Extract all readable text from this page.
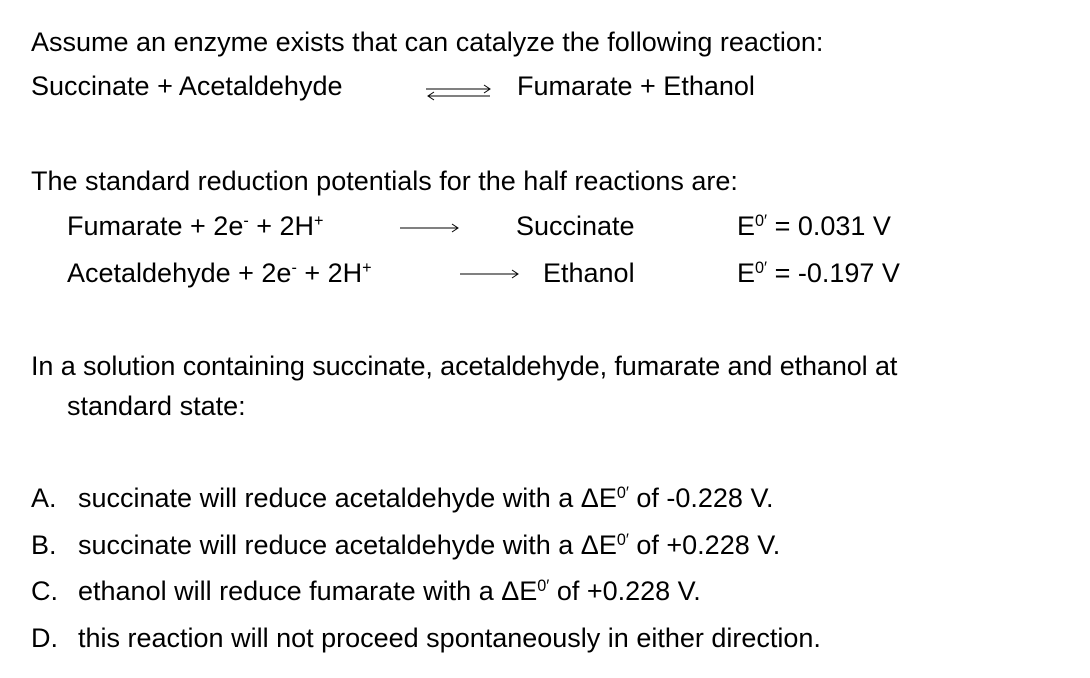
Assume an enzyme exists that can catalyze the following reaction:
Succinate + Acetaldehyde	⇌ Fumarate + Ethanol
The standard reduction potentials for the half reactions are:
Fumarate + 2e- + 2H+	Succinate	$E^{0'} = 0.031$ V
Acetaldehyde + 2e- + 2H+	Ethanol	$E^{0'} = -0.197$ V
In a solution containing succinate, acetaldehyde, fumarate and ethanol at
standard state:
A. succinate will reduce acetaldehyde with a $\Delta E^{0'}$ of -0.228 V.
B. succinate will reduce acetaldehyde with a $\Delta E^{0'}$ of +0.228 V.
C. ethanol will reduce fumarate with a $\Delta E^{0'}$ of +0.228 V.
D. this reaction will not proceed spontaneously in either direction.
